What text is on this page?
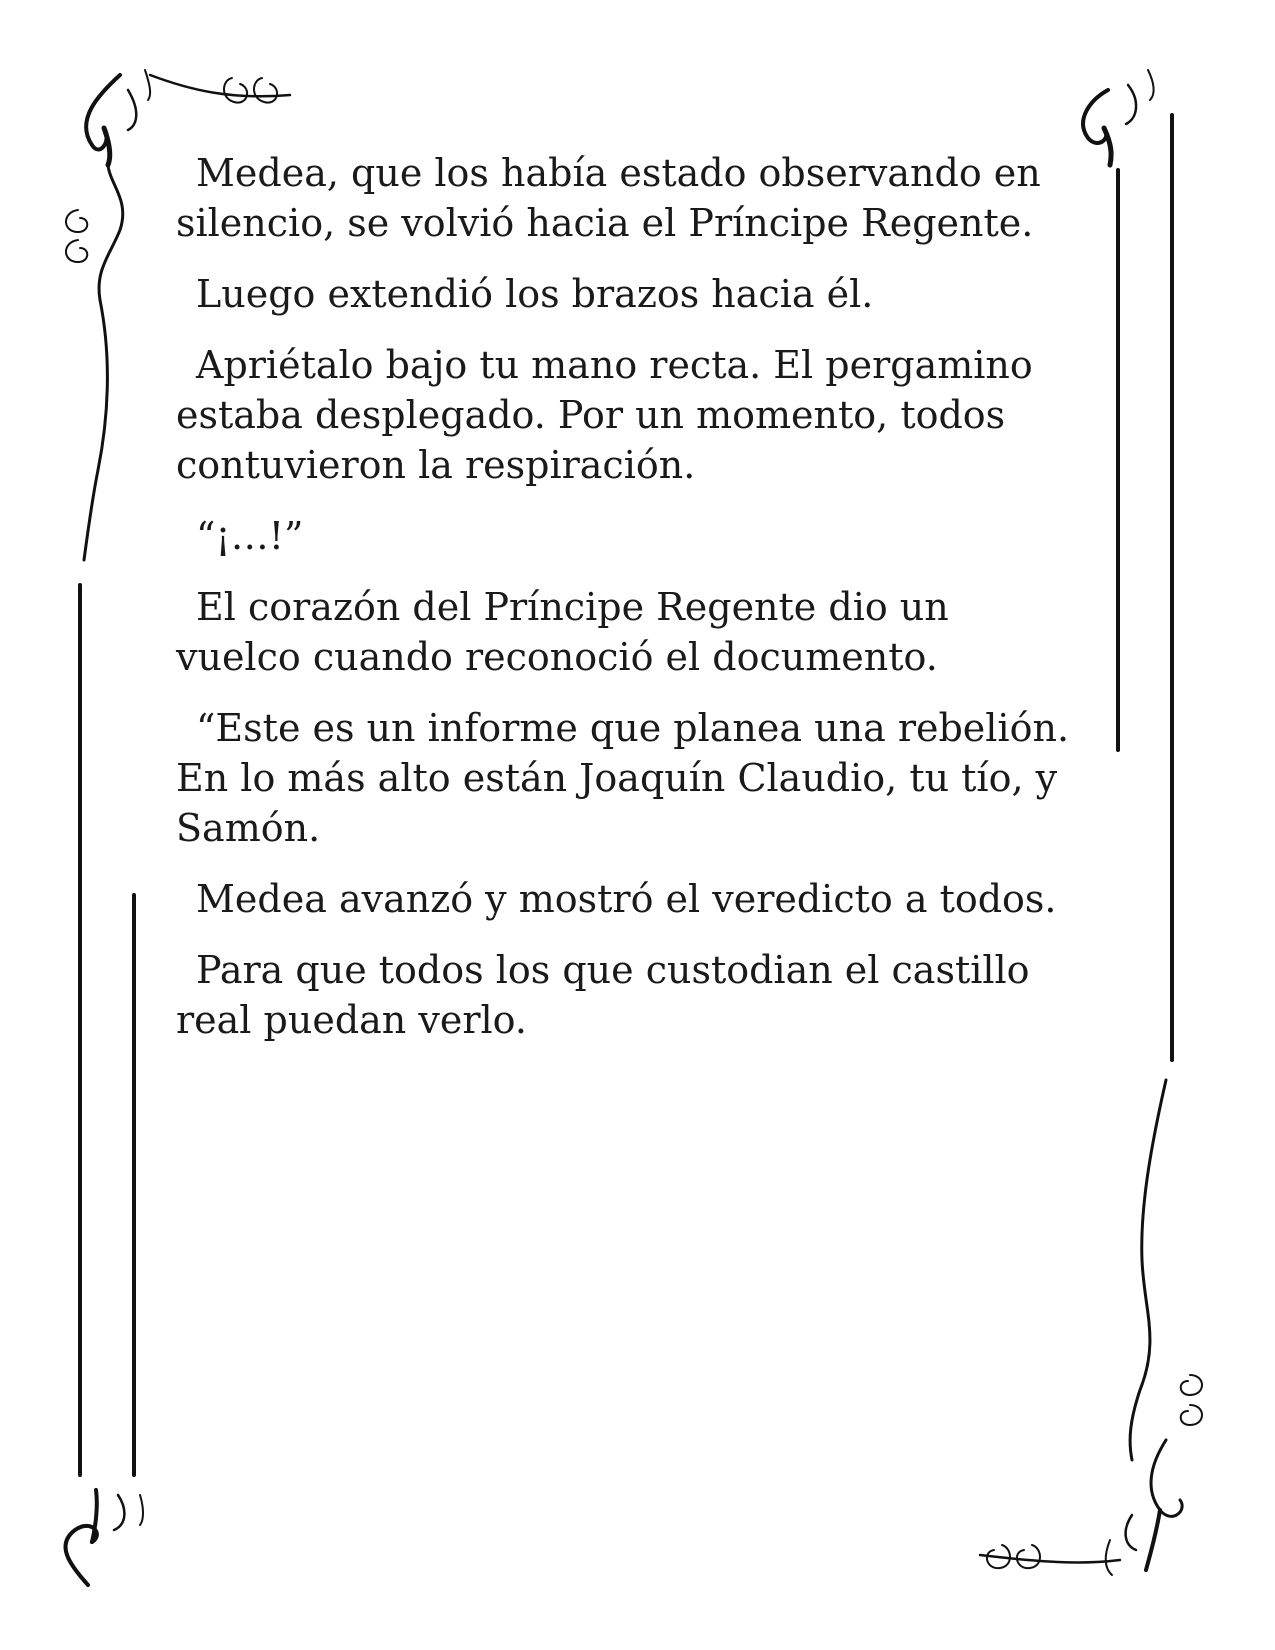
Medea, que los había estado observando en silencio, se volvió hacia el Príncipe Regente.

Luego extendió los brazos hacia él.

Apriétalo bajo tu mano recta. El pergamino estaba desplegado. Por un momento, todos contuvieron la respiración.

“¡…!”

El corazón del Príncipe Regente dio un vuelco cuando reconoció el documento.

“Este es un informe que planea una rebelión. En lo más alto están Joaquín Claudio, tu tío, y Samón.

Medea avanzó y mostró el veredicto a todos.

Para que todos los que custodian el castillo real puedan verlo.
